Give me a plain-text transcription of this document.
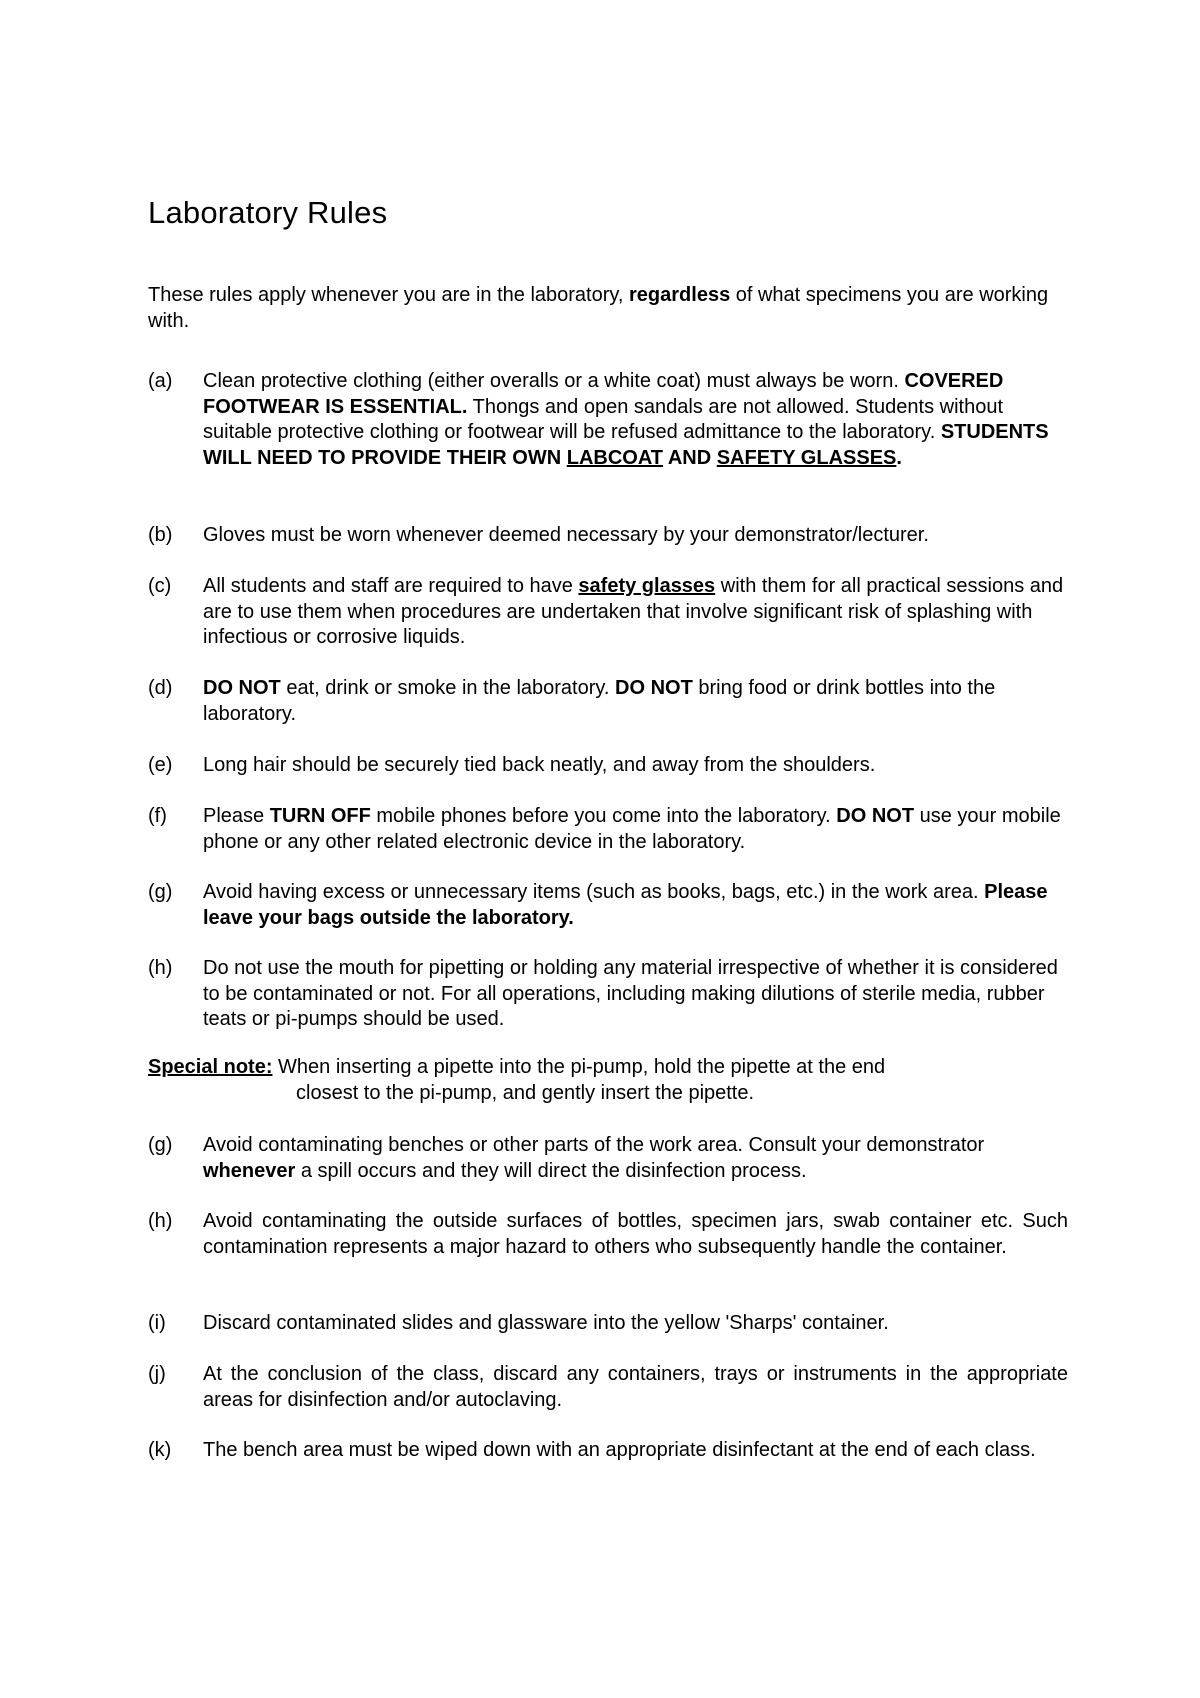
Laboratory Rules

These rules apply whenever you are in the laboratory, regardless of what specimens you are working with.

(a) Clean protective clothing (either overalls or a white coat) must always be worn. COVERED FOOTWEAR IS ESSENTIAL. Thongs and open sandals are not allowed. Students without suitable protective clothing or footwear will be refused admittance to the laboratory. STUDENTS WILL NEED TO PROVIDE THEIR OWN LABCOAT AND SAFETY GLASSES.
(b) Gloves must be worn whenever deemed necessary by your demonstrator/lecturer.
(c) All students and staff are required to have safety glasses with them for all practical sessions and are to use them when procedures are undertaken that involve significant risk of splashing with infectious or corrosive liquids.
(d) DO NOT eat, drink or smoke in the laboratory. DO NOT bring food or drink bottles into the laboratory.
(e) Long hair should be securely tied back neatly, and away from the shoulders.
(f) Please TURN OFF mobile phones before you come into the laboratory. DO NOT use your mobile phone or any other related electronic device in the laboratory.
(g) Avoid having excess or unnecessary items (such as books, bags, etc.) in the work area. Please leave your bags outside the laboratory.
(h) Do not use the mouth for pipetting or holding any material irrespective of whether it is considered to be contaminated or not. For all operations, including making dilutions of sterile media, rubber teats or pi-pumps should be used.
Special note: When inserting a pipette into the pi-pump, hold the pipette at the end
closest to the pi-pump, and gently insert the pipette.
(g) Avoid contaminating benches or other parts of the work area. Consult your demonstrator whenever a spill occurs and they will direct the disinfection process.
(h) Avoid contaminating the outside surfaces of bottles, specimen jars, swab container etc. Such contamination represents a major hazard to others who subsequently handle the container.
(i) Discard contaminated slides and glassware into the yellow 'Sharps' container.
(j) At the conclusion of the class, discard any containers, trays or instruments in the appropriate areas for disinfection and/or autoclaving.
(k) The bench area must be wiped down with an appropriate disinfectant at the end of each class.
